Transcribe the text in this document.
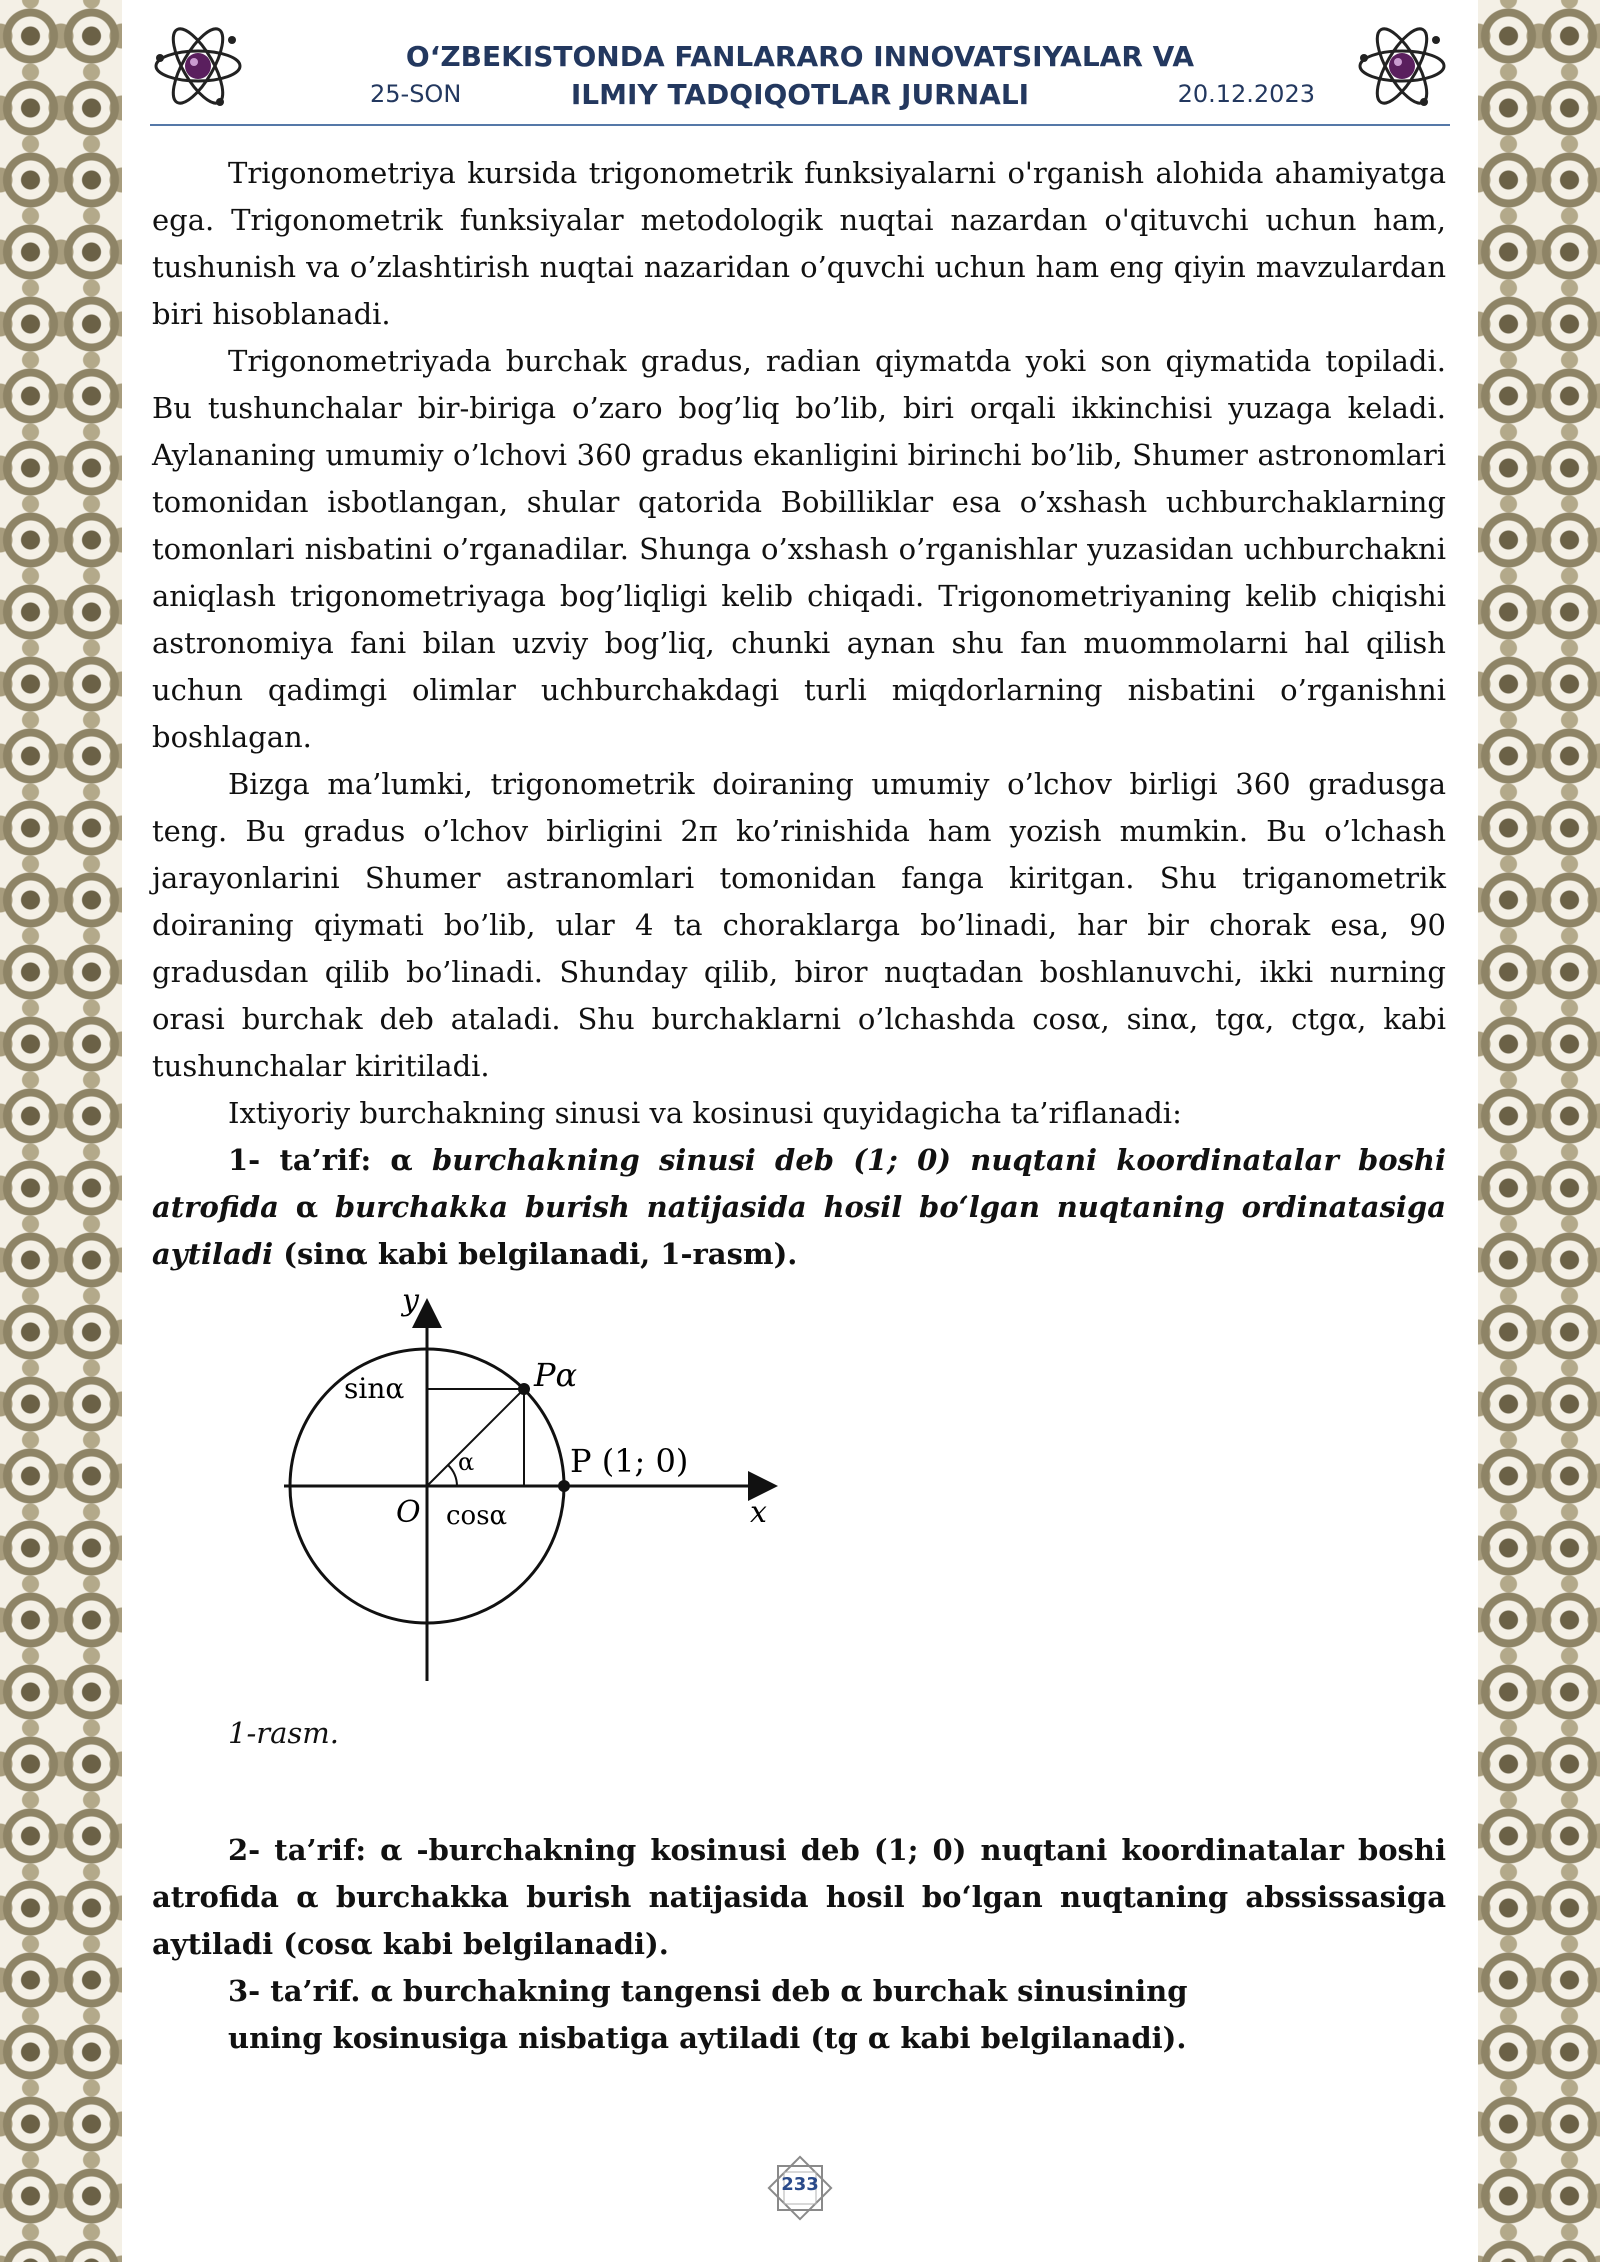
O‘ZBEKISTONDA FANLARARO INNOVATSIYALAR VA
ILMIY TADQIQOTLAR JURNALI
25-SON	20.12.2023

Trigonometriya kursida trigonometrik funksiyalarni o'rganish alohida ahamiyatga ega. Trigonometrik funksiyalar metodologik nuqtai nazardan o'qituvchi uchun ham, tushunish va o’zlashtirish nuqtai nazaridan o’quvchi uchun ham eng qiyin mavzulardan biri hisoblanadi.

Trigonometriyada burchak gradus, radian qiymatda yoki son qiymatida topiladi. Bu tushunchalar bir-biriga o’zaro bog’liq bo’lib, biri orqali ikkinchisi yuzaga keladi. Aylananing umumiy o’lchovi 360 gradus ekanligini birinchi bo’lib, Shumer astronomlari tomonidan isbotlangan, shular qatorida Bobilliklar esa o’xshash uchburchaklarning tomonlari nisbatini o’rganadilar. Shunga o’xshash o’rganishlar yuzasidan uchburchakni aniqlash trigonometriyaga bog’liqligi kelib chiqadi. Trigonometriyaning kelib chiqishi astronomiya fani bilan uzviy bog’liq, chunki aynan shu fan muommolarni hal qilish uchun qadimgi olimlar uchburchakdagi turli miqdorlarning nisbatini o’rganishni boshlagan.

Bizga ma’lumki, trigonometrik doiraning umumiy o’lchov birligi 360 gradusga teng. Bu gradus o’lchov birligini 2π ko’rinishida ham yozish mumkin. Bu o’lchash jarayonlarini Shumer astranomlari tomonidan fanga kiritgan. Shu triganometrik doiraning qiymati bo’lib, ular 4 ta choraklarga bo’linadi, har bir chorak esa, 90 gradusdan qilib bo’linadi. Shunday qilib, biror nuqtadan boshlanuvchi, ikki nurning orasi burchak deb ataladi. Shu burchaklarni o’lchashda cosα, sinα, tgα, ctgα, kabi tushunchalar kiritiladi.

Ixtiyoriy burchakning sinusi va kosinusi quyidagicha ta’riflanadi:

1- ta’rif: α burchakning sinusi deb (1; 0) nuqtani koordinatalar boshi atrofida α burchakka burish natijasida hosil bo‘lgan nuqtaning ordinatasiga aytiladi (sinα kabi belgilanadi, 1-rasm).

y
x
O
sinα
cosα
α
Pα
P (1; 0)
1-rasm.

2- ta’rif: α -burchakning kosinusi deb (1; 0) nuqtani koordinatalar boshi atrofida α burchakka burish natijasida hosil bo‘lgan nuqtaning abssissasiga aytiladi (cosα kabi belgilanadi).

3- ta’rif. α burchakning tangensi deb α burchak sinusining
uning kosinusiga nisbatiga aytiladi (tg α kabi belgilanadi).
233
